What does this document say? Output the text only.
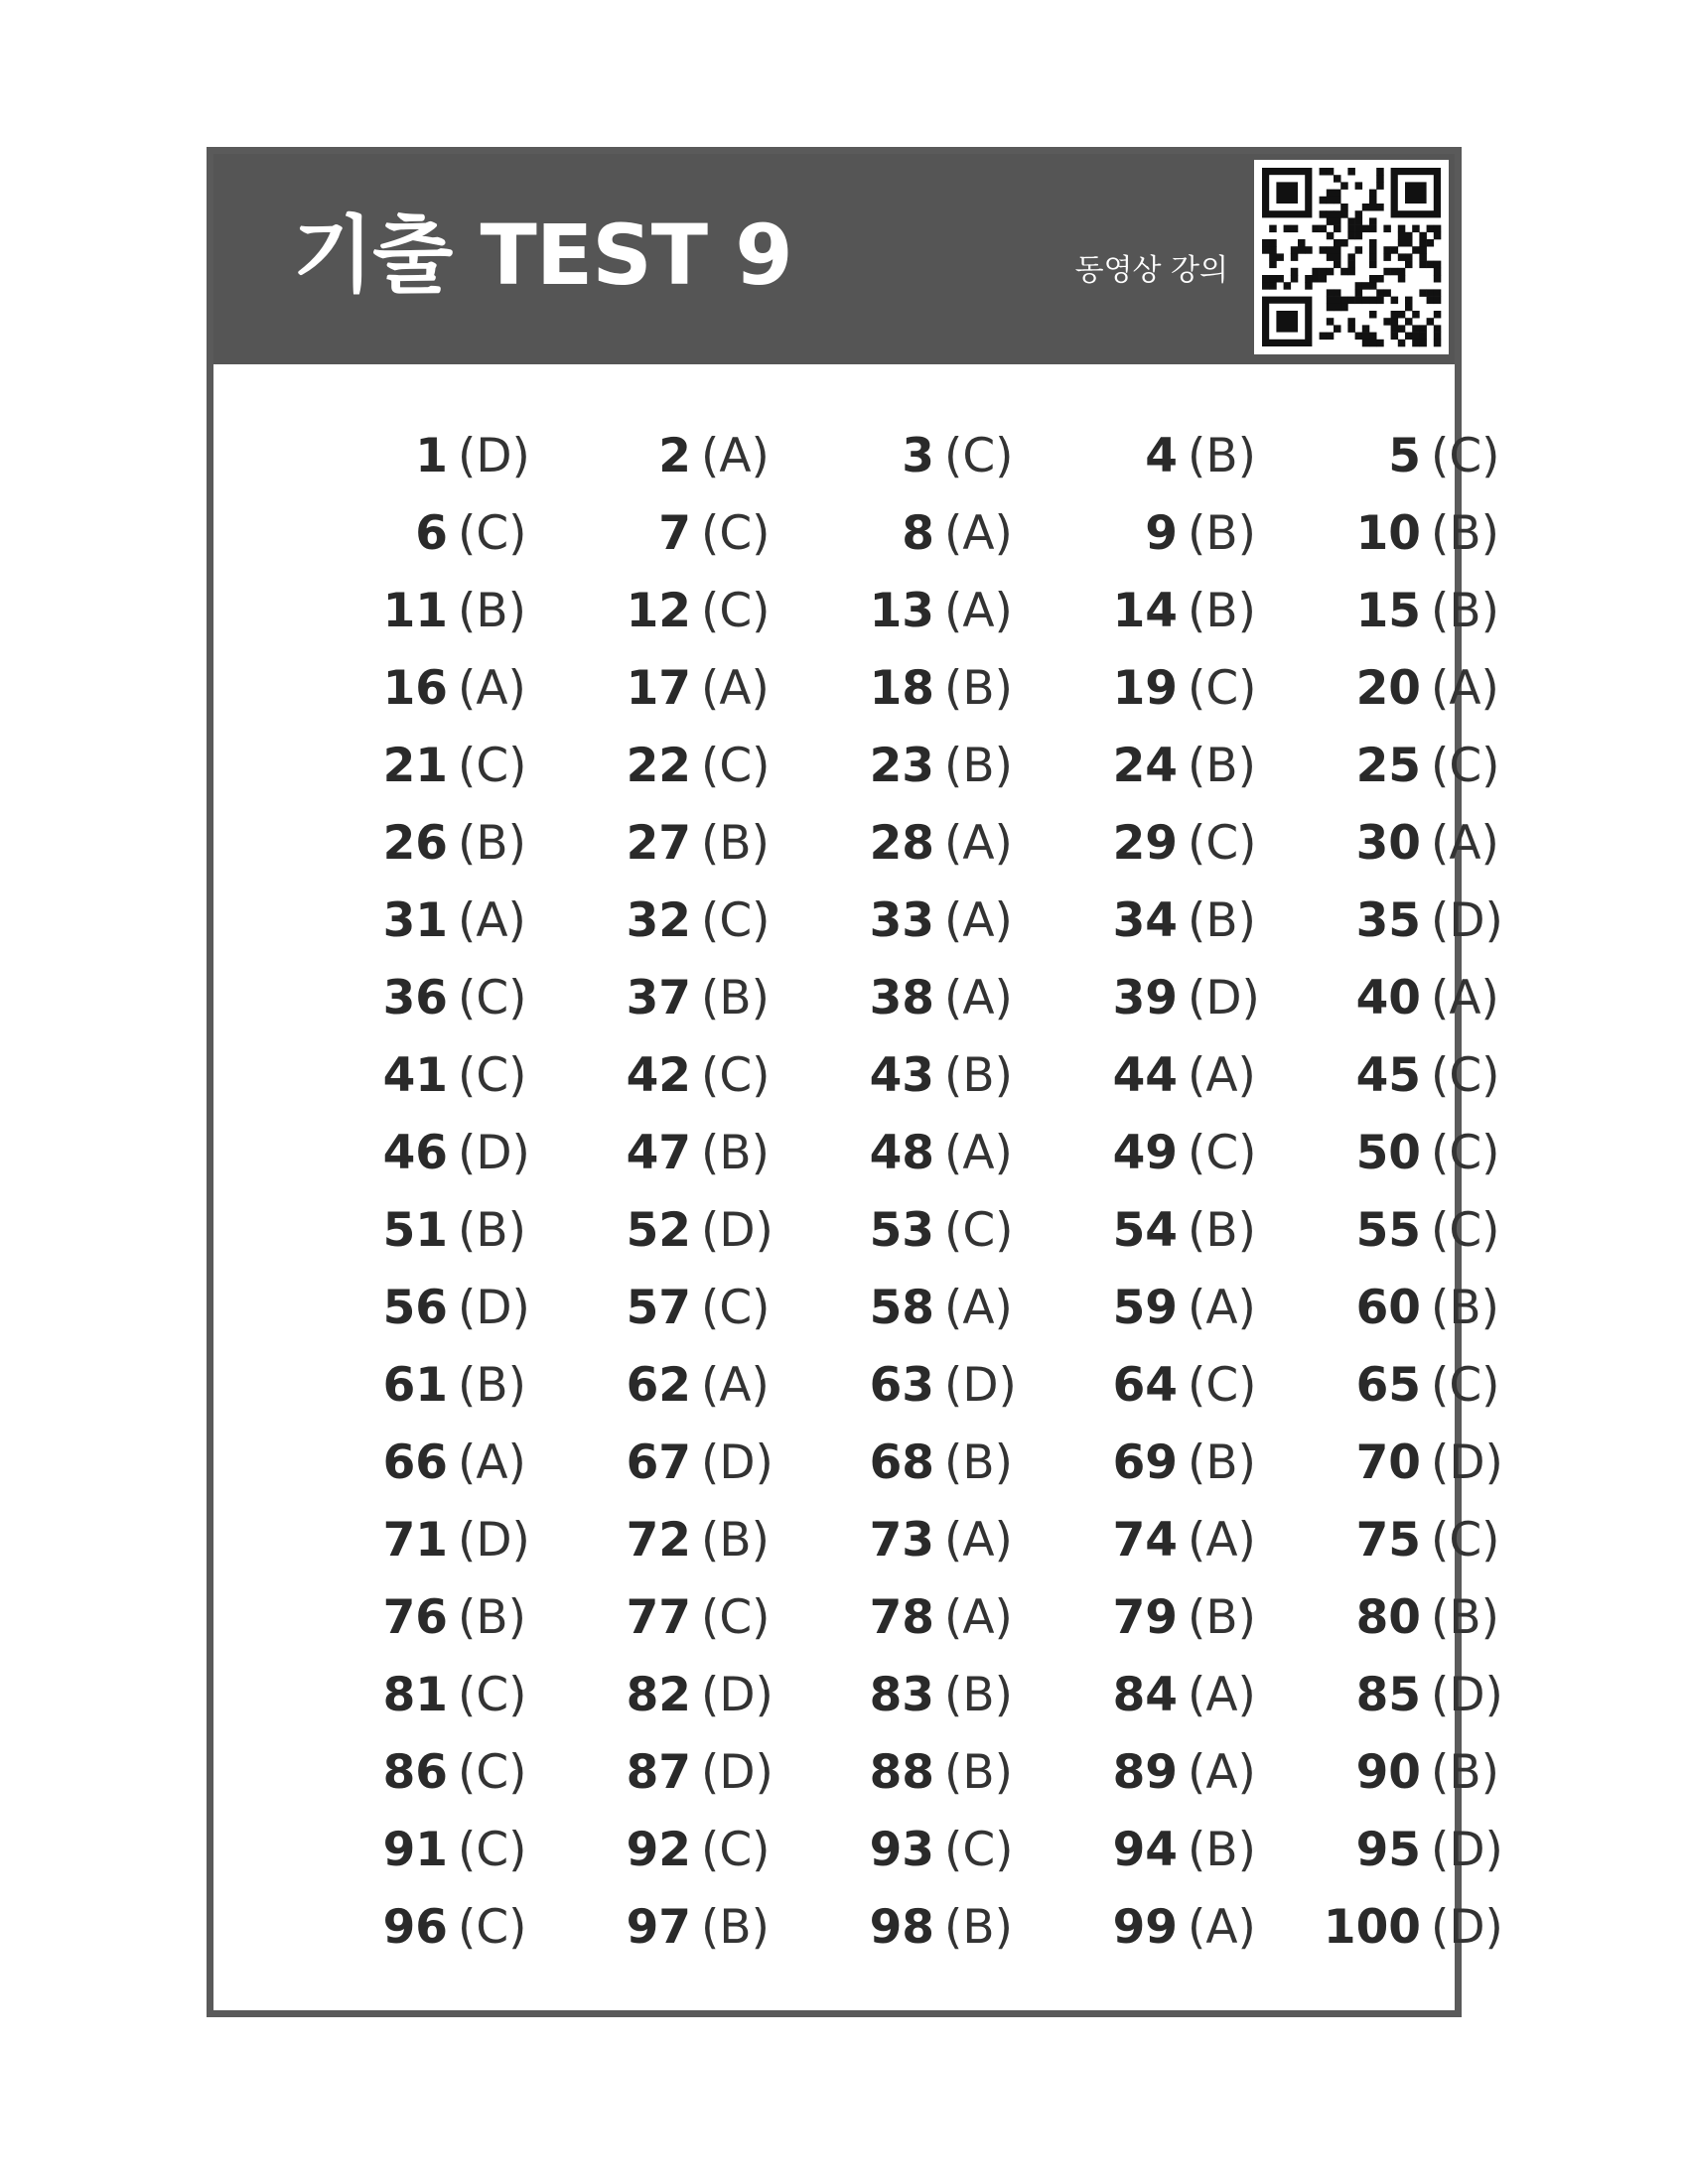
기출 TEST 9	동영상 강의
1 (D)	2 (A)	3 (C)	4 (B)	5 (C)
6 (C)	7 (C)	8 (A)	9 (B) 10 (B)
11 (B) 12 (C) 13 (A) 14 (B) 15 (B)
16 (A) 17 (A) 18 (B) 19 (C) 20 (A)
21 (C) 22 (C) 23 (B) 24 (B) 25 (C)
26 (B) 27 (B) 28 (A) 29 (C) 30 (A)
31 (A) 32 (C) 33 (A) 34 (B) 35 (D)
36 (C) 37 (B) 38 (A) 39 (D) 40 (A)
41 (C) 42 (C) 43 (B) 44 (A) 45 (C)
46 (D) 47 (B) 48 (A) 49 (C) 50 (C)
51 (B) 52 (D) 53 (C) 54 (B) 55 (C)
56 (D) 57 (C) 58 (A) 59 (A) 60 (B)
61 (B) 62 (A) 63 (D) 64 (C) 65 (C)
66 (A) 67 (D) 68 (B) 69 (B) 70 (D)
71 (D) 72 (B) 73 (A) 74 (A) 75 (C)
76 (B) 77 (C) 78 (A) 79 (B) 80 (B)
81 (C) 82 (D) 83 (B) 84 (A) 85 (D)
86 (C) 87 (D) 88 (B) 89 (A) 90 (B)
91 (C) 92 (C) 93 (C) 94 (B) 95 (D)
96 (C) 97 (B) 98 (B) 99 (A) 100 (D)
